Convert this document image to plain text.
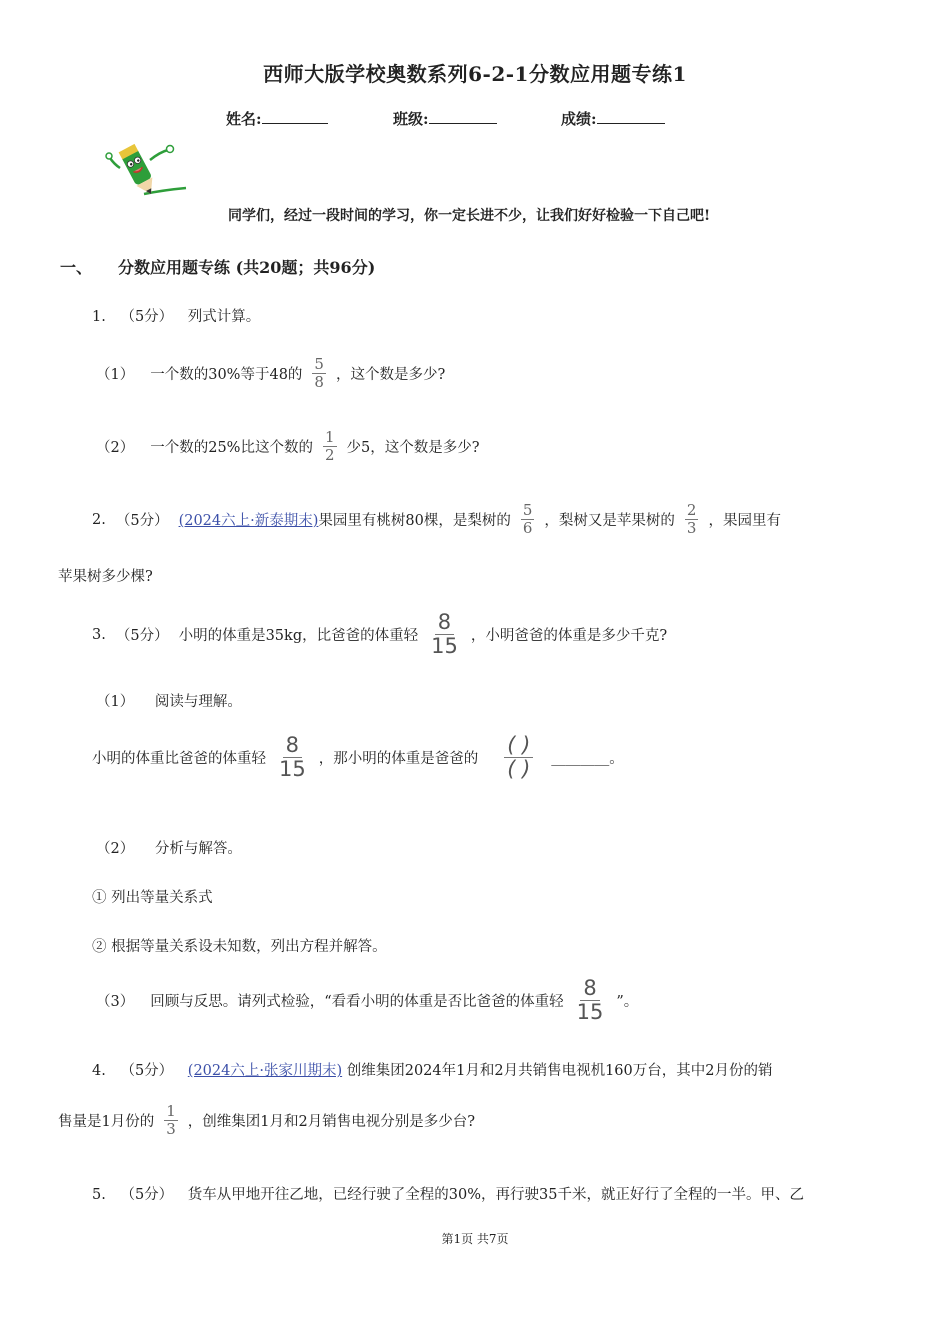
西师大版学校奥数系列6-2-1分数应用题专练1
姓名:	班级:	成绩:
同学们，经过一段时间的学习，你一定长进不少，让我们好好检验一下自己吧!
一、 分数应用题专练 (共20题；共96分)
1. （5分） 列式计算。
（1） 一个数的30%等于48的 $\frac{5}{8}$ ，这个数是多少?
（2） 一个数的25%比这个数的 $\frac{1}{2}$ 少5，这个数是多少?
2. （5分） (2024六上·新泰期末) 果园里有桃树80棵，是梨树的 $\frac{5}{6}$ ，梨树又是苹果树的 $\frac{2}{3}$ ，果园里有
苹果树多少棵?
3. （5分） 小明的体重是35kg，比爸爸的体重轻 $\frac{8}{15}$ ，小明爸爸的体重是多少千克?
（1） 阅读与理解。
小明的体重比爸爸的体重轻 $\frac{8}{15}$ ，那小明的体重是爸爸的 $\frac{( )}{( )}$ ________ 。
（2） 分析与解答。
① 列出等量关系式
② 根据等量关系设未知数，列出方程并解答。
（3） 回顾与反思。请列式检验，“看看小明的体重是否比爸爸的体重轻 $\frac{8}{15}$ ”。
4. （5分） (2024六上·张家川期末) 创维集团2024年1月和2月共销售电视机160万台，其中2月份的销
售量是1月份的 $\frac{1}{3}$ ，创维集团1月和2月销售电视分别是多少台?
5. （5分） 货车从甲地开往乙地，已经行驶了全程的30%，再行驶35千米，就正好行了全程的一半。甲、乙
第1页 共7页
